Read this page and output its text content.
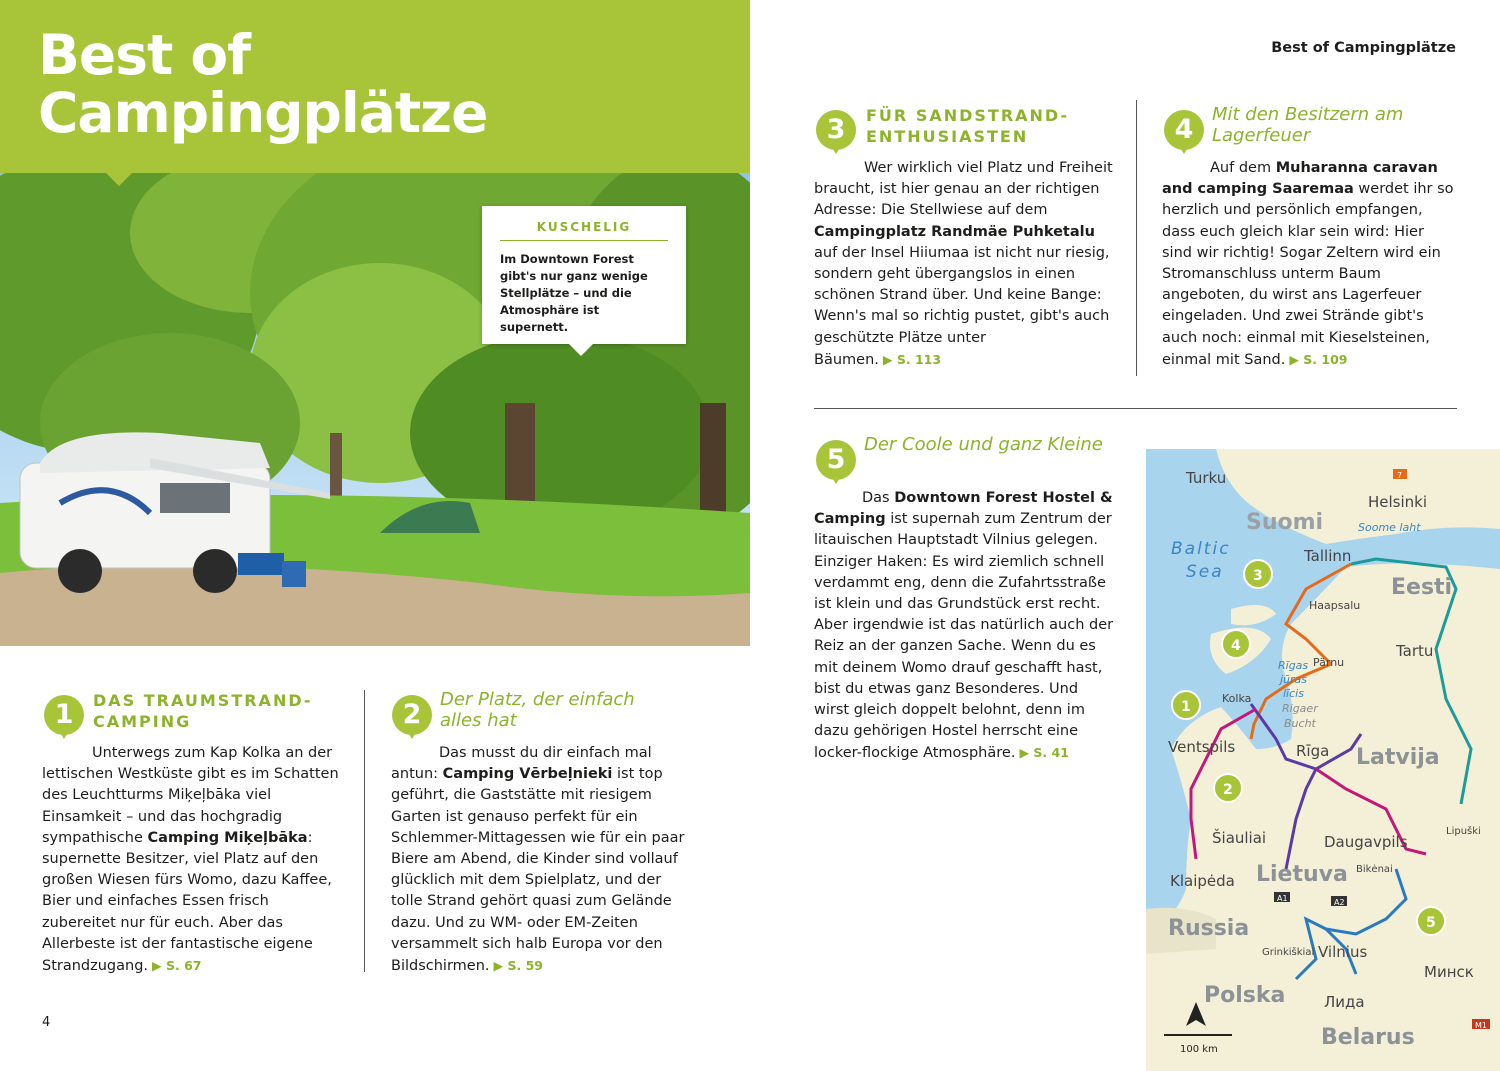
Best of
Campingplätze
KUSCHELIG
Im Downtown Forest gibt's nur ganz wenige Stellplätze – und die Atmosphäre ist supernett.
1	DAS TRAUMSTRAND-CAMPING
Unterwegs zum Kap Kolka an der lettischen Westküste gibt es im Schatten des Leuchtturms Miķeļbāka viel Einsamkeit – und das hochgradig sympathische Camping Miķeļbāka: supernette Besitzer, viel Platz auf den großen Wiesen fürs Womo, dazu Kaffee, Bier und einfaches Essen frisch zubereitet nur für euch. Aber das Allerbeste ist der fantastische eigene Strandzugang. ▶ S. 67
2	Der Platz, der einfach alles hat
Das musst du dir einfach mal antun: Camping Vērbeļnieki ist top geführt, die Gaststätte mit riesigem Garten ist genauso perfekt für ein Schlemmer-Mittagessen wie für ein paar Biere am Abend, die Kinder sind vollauf glücklich mit dem Spielplatz, und der tolle Strand gehört quasi zum Gelände dazu. Und zu WM- oder EM-Zeiten versammelt sich halb Europa vor den Bildschirmen. ▶ S. 59
Best of Campingplätze
3	FÜR SANDSTRAND-ENTHUSIASTEN
Wer wirklich viel Platz und Freiheit braucht, ist hier genau an der richtigen Adresse: Die Stellwiese auf dem Campingplatz Randmäe Puhketalu auf der Insel Hiiumaa ist nicht nur riesig, sondern geht übergangslos in einen schönen Strand über. Und keine Bange: Wenn's mal so richtig pustet, gibt's auch geschützte Plätze unter Bäumen. ▶ S. 113
4	Mit den Besitzern am Lagerfeuer
Auf dem Muharanna caravan and camping Saaremaa werdet ihr so herzlich und persönlich empfangen, dass euch gleich klar sein wird: Hier sind wir richtig! Sogar Zeltern wird ein Stromanschluss unterm Baum angeboten, du wirst ans Lagerfeuer eingeladen. Und zwei Strände gibt's auch noch: einmal mit Kieselsteinen, einmal mit Sand. ▶ S. 109
5	Der Coole und ganz Kleine
Das Downtown Forest Hostel & Camping ist supernah zum Zentrum der litauischen Hauptstadt Vilnius gelegen. Einziger Haken: Es wird ziemlich schnell verdammt eng, denn die Zufahrtsstraße ist klein und das Grundstück erst recht. Aber irgendwie ist das natürlich auch der Reiz an der ganzen Sache. Wenn du es mit deinem Womo drauf geschafft hast, bist du etwas ganz Besonderes. Und wirst gleich doppelt belohnt, denn im dazu gehörigen Hostel herrscht eine locker-flockige Atmosphäre. ▶ S. 41
Suomi
Eesti
Latvija
Lietuva
Russia
Polska
Belarus
Baltic
Sea
Soome laht
Rīgas
jūras
līcis
Rigaer
Bucht
Turku
Helsinki
Tallinn
Haapsalu
Pärnu
Tartu
Kolka
Ventspils	Rīga
Šiauliai	Daugavpils
Bikėnai
Klaipėda
Vilnius
Grinkiškiai
Минск
Лида
Lipuški
7
A1	A2
M1
3
4
1
2
5
100 km
4
